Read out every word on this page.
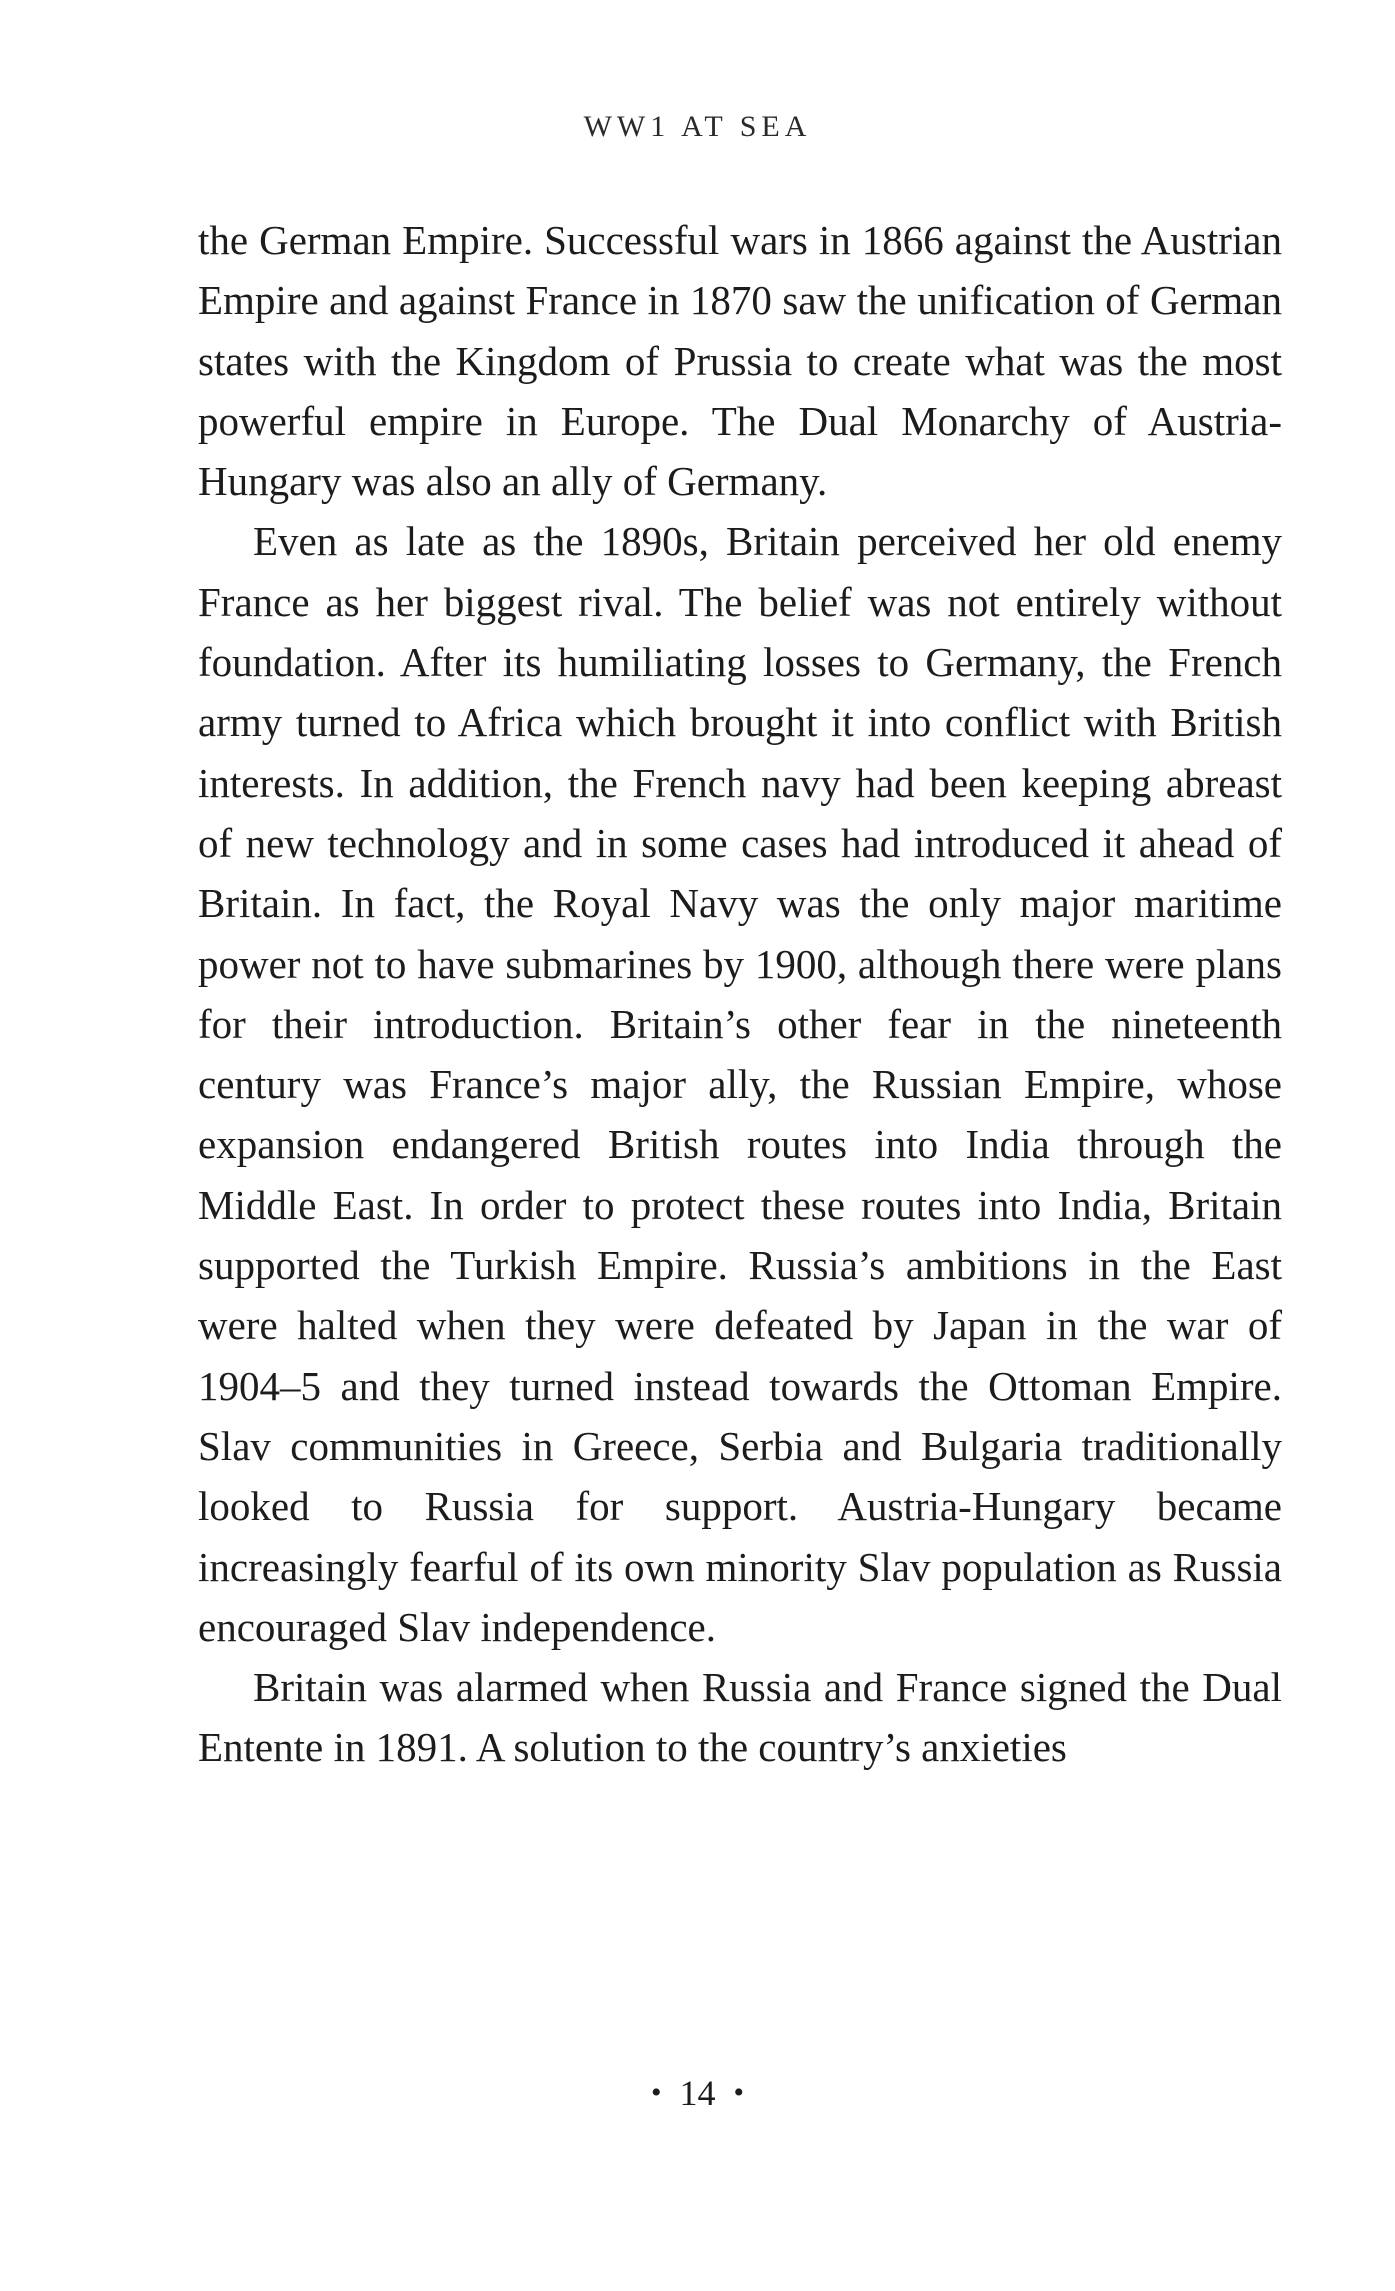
WW1 AT SEA

the German Empire. Successful wars in 1866 against the Austrian Empire and against France in 1870 saw the unification of German states with the Kingdom of Prussia to create what was the most powerful empire in Europe. The Dual Monarchy of Austria-Hungary was also an ally of Germany.

Even as late as the 1890s, Britain perceived her old enemy France as her biggest rival. The belief was not entirely without foundation. After its humiliating losses to Germany, the French army turned to Africa which brought it into conflict with British interests. In addition, the French navy had been keeping abreast of new technology and in some cases had introduced it ahead of Britain. In fact, the Royal Navy was the only major maritime power not to have submarines by 1900, although there were plans for their introduction. Britain’s other fear in the nineteenth century was France’s major ally, the Russian Empire, whose expansion endangered British routes into India through the Middle East. In order to protect these routes into India, Britain supported the Turkish Empire. Russia’s ambitions in the East were halted when they were defeated by Japan in the war of 1904–5 and they turned instead towards the Ottoman Empire. Slav communities in Greece, Serbia and Bulgaria traditionally looked to Russia for support. Austria-Hungary became increasingly fearful of its own minority Slav population as Russia encouraged Slav independence.

Britain was alarmed when Russia and France signed the Dual Entente in 1891. A solution to the country’s anxieties

• 14 •
